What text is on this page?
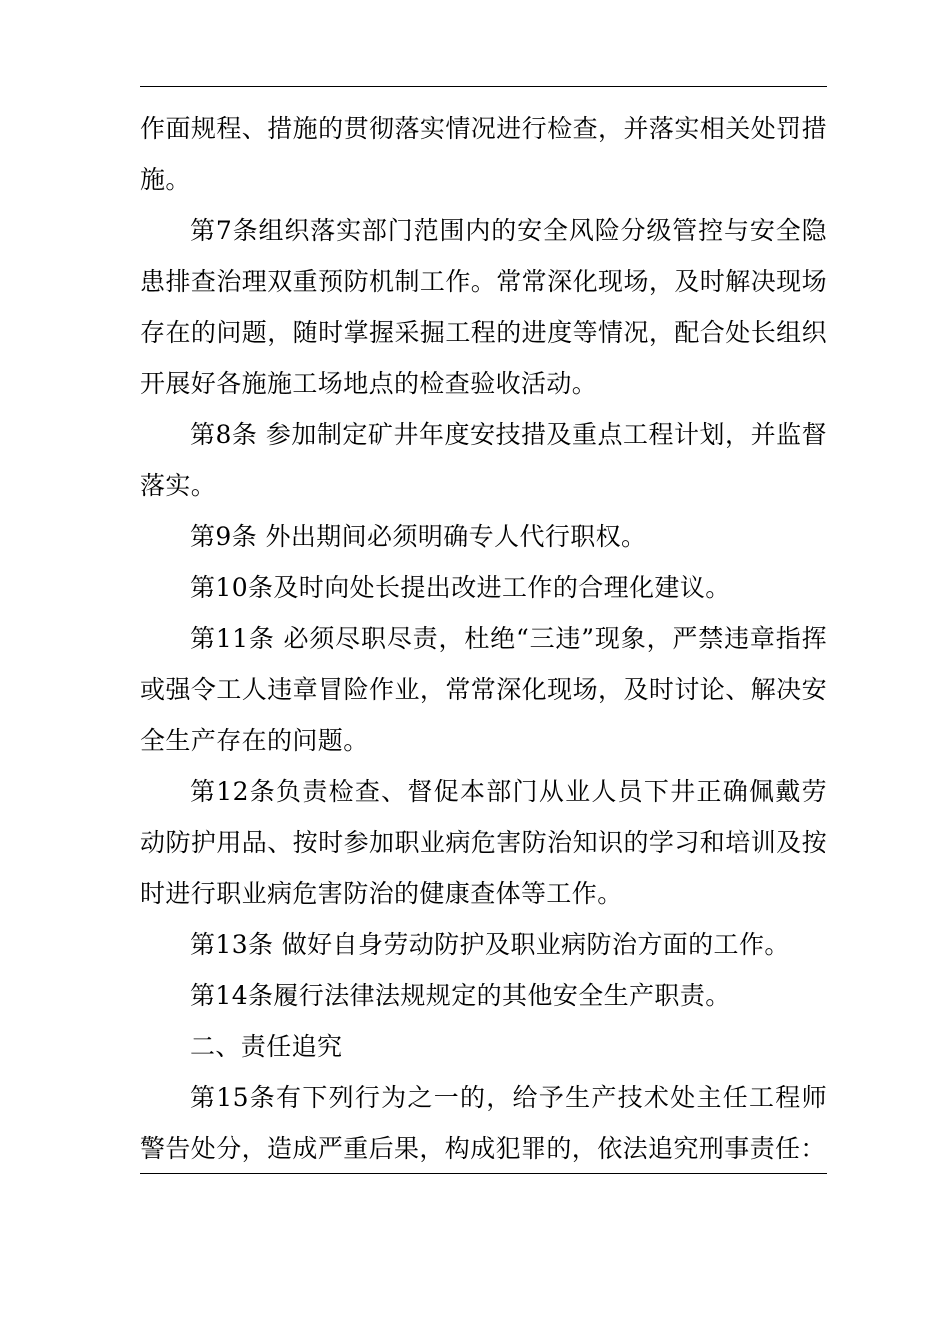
作面规程、措施的贯彻落实情况进行检查，并落实相关处罚措施。

第7条组织落实部门范围内的安全风险分级管控与安全隐患排查治理双重预防机制工作。常常深化现场，及时解决现场存在的问题，随时掌握采掘工程的进度等情况，配合处长组织开展好各施施工场地点的检查验收活动。

第8条 参加制定矿井年度安技措及重点工程计划，并监督落实。

第9条 外出期间必须明确专人代行职权。

第10条及时向处长提出改进工作的合理化建议。

第11条 必须尽职尽责，杜绝“三违”现象，严禁违章指挥或强令工人违章冒险作业，常常深化现场，及时讨论、解决安全生产存在的问题。

第12条负责检查、督促本部门从业人员下井正确佩戴劳动防护用品、按时参加职业病危害防治知识的学习和培训及按时进行职业病危害防治的健康查体等工作。

第13条 做好自身劳动防护及职业病防治方面的工作。

第14条履行法律法规规定的其他安全生产职责。

二、责任追究

第15条有下列行为之一的，给予生产技术处主任工程师警告处分，造成严重后果，构成犯罪的，依法追究刑事责任：
